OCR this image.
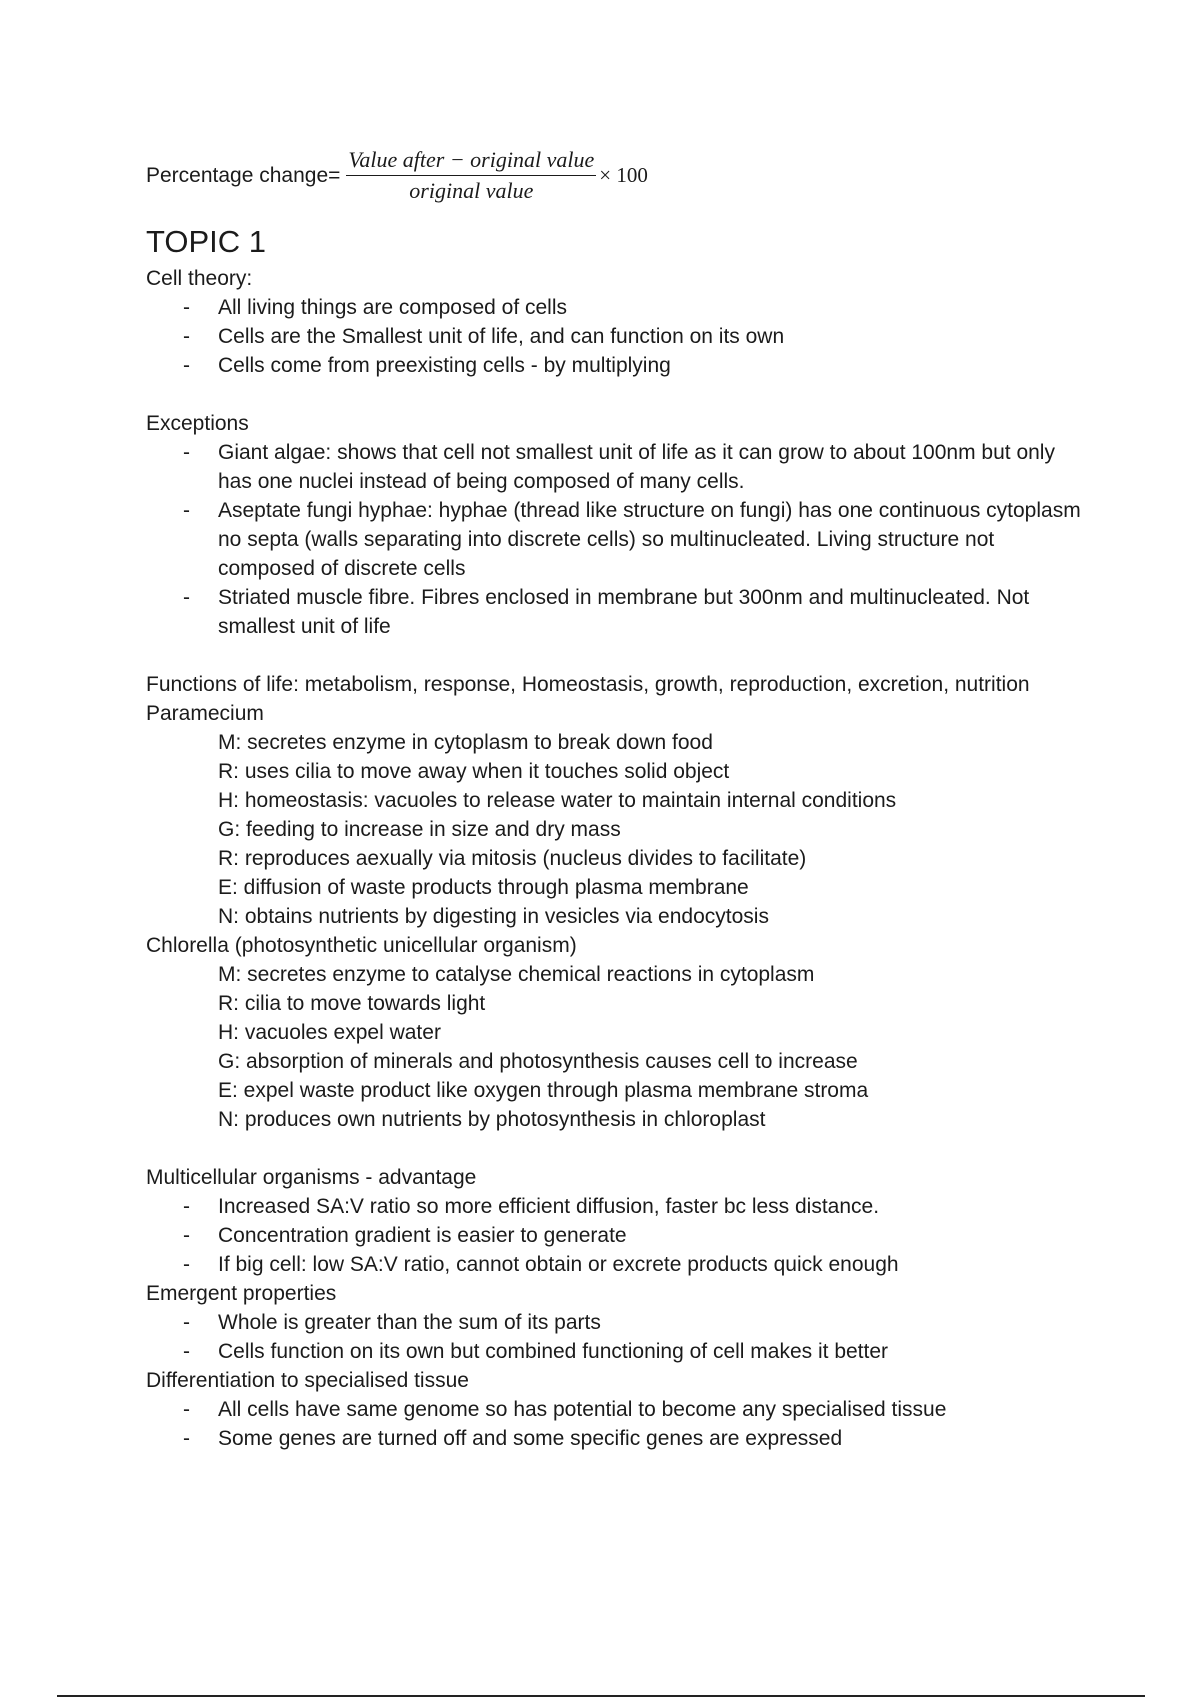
Percentage change= $\frac{\text{Value after − original value}}{\text{original value}} \times 100$
TOPIC 1

Cell theory:

- All living things are composed of cells
- Cells are the Smallest unit of life, and can function on its own
- Cells come from preexisting cells - by multiplying

Exceptions

- Giant algae: shows that cell not smallest unit of life as it can grow to about 100nm but only has one nuclei instead of being composed of many cells.
- Aseptate fungi hyphae: hyphae (thread like structure on fungi) has one continuous cytoplasm no septa (walls separating into discrete cells) so multinucleated. Living structure not composed of discrete cells
- Striated muscle fibre. Fibres enclosed in membrane but 300nm and multinucleated. Not smallest unit of life

Functions of life: metabolism, response, Homeostasis, growth, reproduction, excretion, nutrition

Paramecium

M: secretes enzyme in cytoplasm to break down food
R: uses cilia to move away when it touches solid object
H: homeostasis: vacuoles to release water to maintain internal conditions
G: feeding to increase in size and dry mass
R: reproduces aexually via mitosis (nucleus divides to facilitate)
E: diffusion of waste products through plasma membrane
N: obtains nutrients by digesting in vesicles via endocytosis

Chlorella (photosynthetic unicellular organism)

M: secretes enzyme to catalyse chemical reactions in cytoplasm
R: cilia to move towards light
H: vacuoles expel water
G: absorption of minerals and photosynthesis causes cell to increase
E: expel waste product like oxygen through plasma membrane stroma
N: produces own nutrients by photosynthesis in chloroplast

Multicellular organisms - advantage

- Increased SA:V ratio so more efficient diffusion, faster bc less distance.
- Concentration gradient is easier to generate
- If big cell: low SA:V ratio, cannot obtain or excrete products quick enough

Emergent properties

- Whole is greater than the sum of its parts
- Cells function on its own but combined functioning of cell makes it better

Differentiation to specialised tissue

- All cells have same genome so has potential to become any specialised tissue
- Some genes are turned off and some specific genes are expressed
